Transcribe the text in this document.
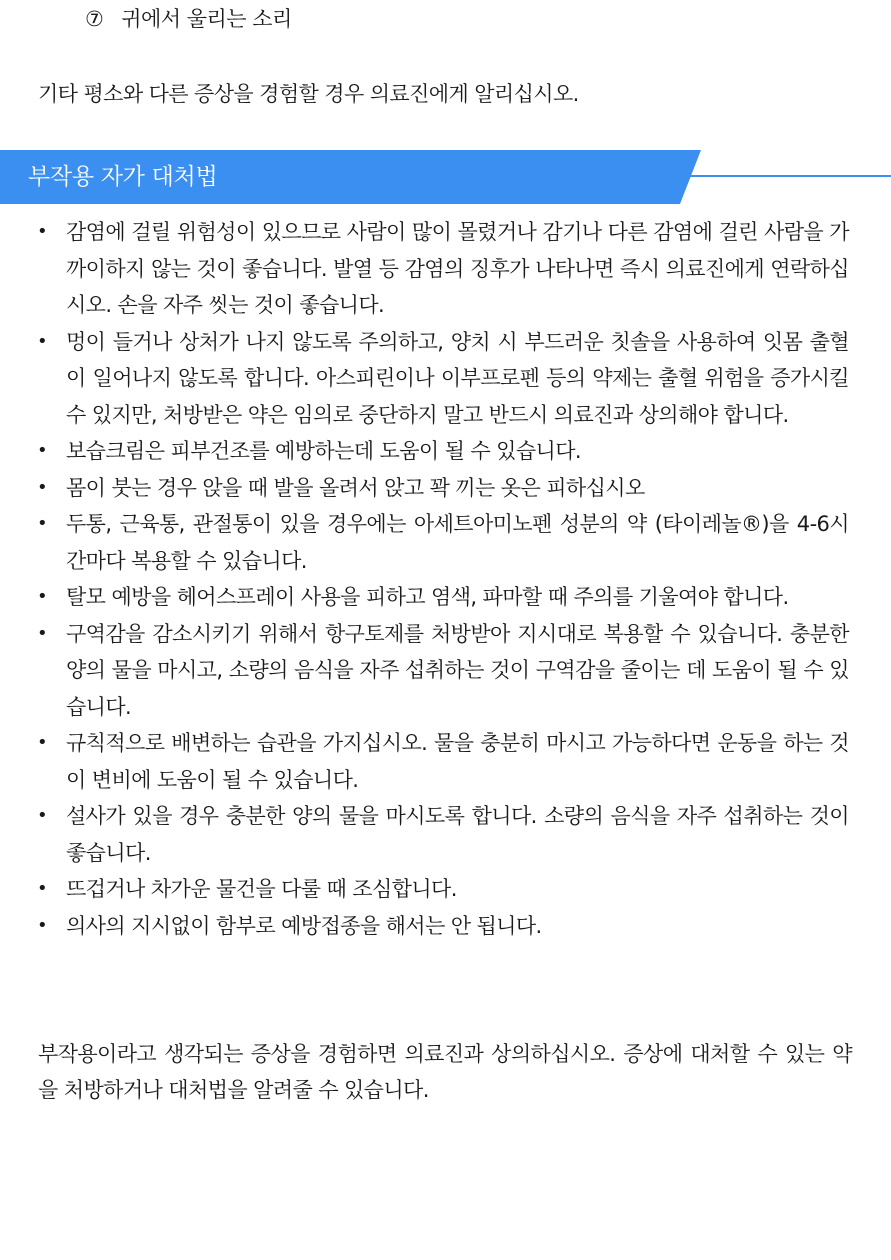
⑦ 귀에서 울리는 소리

기타 평소와 다른 증상을 경험할 경우 의료진에게 알리십시오.

부작용 자가 대처법
• 감염에 걸릴 위험성이 있으므로 사람이 많이 몰렸거나 감기나 다른 감염에 걸린 사람을 가까이하지 않는 것이 좋습니다. 발열 등 감염의 징후가 나타나면 즉시 의료진에게 연락하십시오. 손을 자주 씻는 것이 좋습니다.
• 멍이 들거나 상처가 나지 않도록 주의하고, 양치 시 부드러운 칫솔을 사용하여 잇몸 출혈이 일어나지 않도록 합니다. 아스피린이나 이부프로펜 등의 약제는 출혈 위험을 증가시킬 수 있지만, 처방받은 약은 임의로 중단하지 말고 반드시 의료진과 상의해야 합니다.
• 보습크림은 피부건조를 예방하는데 도움이 될 수 있습니다.
• 몸이 붓는 경우 앉을 때 발을 올려서 앉고 꽉 끼는 옷은 피하십시오
• 두통, 근육통, 관절통이 있을 경우에는 아세트아미노펜 성분의 약 (타이레놀®)을 4-6시간마다 복용할 수 있습니다.
• 탈모 예방을 헤어스프레이 사용을 피하고 염색, 파마할 때 주의를 기울여야 합니다.
• 구역감을 감소시키기 위해서 항구토제를 처방받아 지시대로 복용할 수 있습니다. 충분한 양의 물을 마시고, 소량의 음식을 자주 섭취하는 것이 구역감을 줄이는 데 도움이 될 수 있습니다.
• 규칙적으로 배변하는 습관을 가지십시오. 물을 충분히 마시고 가능하다면 운동을 하는 것이 변비에 도움이 될 수 있습니다.
• 설사가 있을 경우 충분한 양의 물을 마시도록 합니다. 소량의 음식을 자주 섭취하는 것이 좋습니다.
• 뜨겁거나 차가운 물건을 다룰 때 조심합니다.
• 의사의 지시없이 함부로 예방접종을 해서는 안 됩니다.

부작용이라고 생각되는 증상을 경험하면 의료진과 상의하십시오. 증상에 대처할 수 있는 약을 처방하거나 대처법을 알려줄 수 있습니다.
